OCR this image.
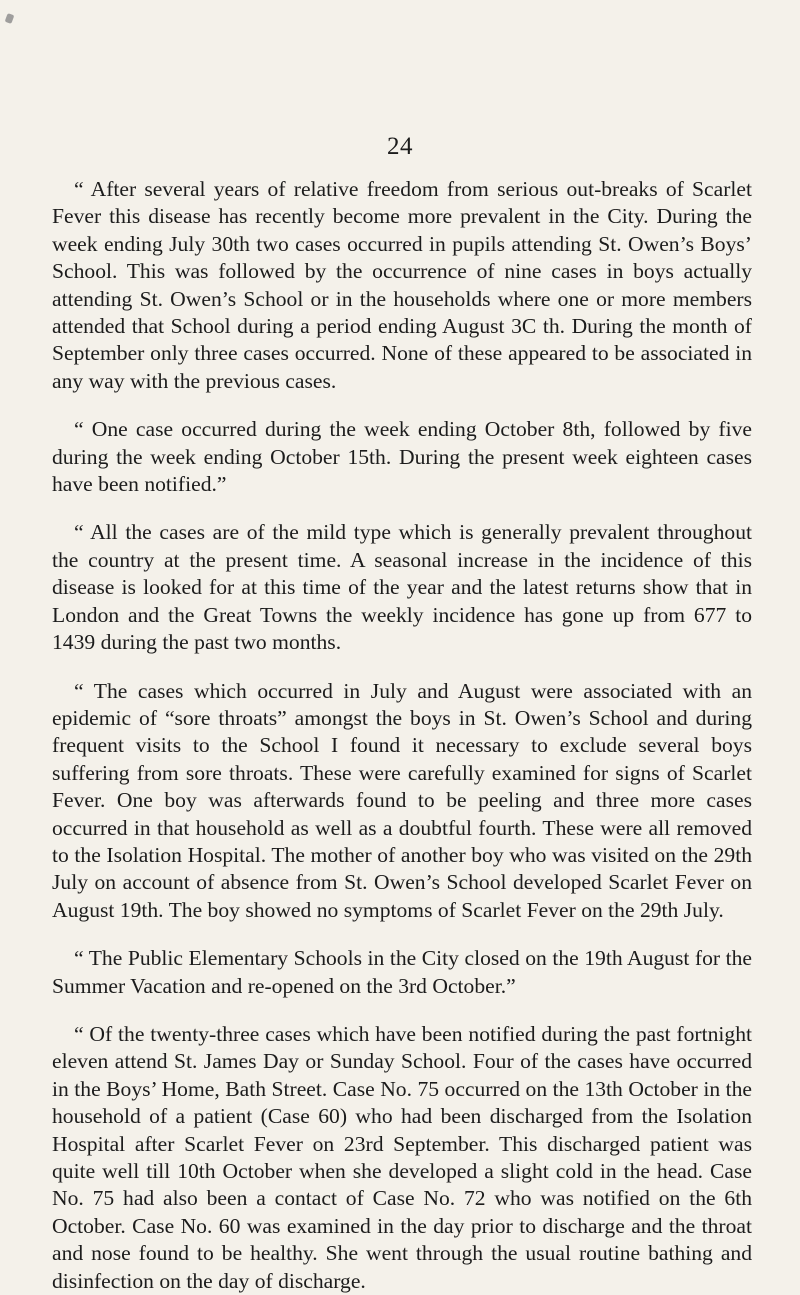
24

“ After several years of relative freedom from serious out-breaks of Scarlet Fever this disease has recently become more prevalent in the City. During the week ending July 30th two cases occurred in pupils attending St. Owen’s Boys’ School. This was followed by the occurrence of nine cases in boys actually attending St. Owen’s School or in the households where one or more members attended that School during a period ending August 3C th. During the month of September only three cases occurred. None of these appeared to be associated in any way with the previous cases.

“ One case occurred during the week ending October 8th, followed by five during the week ending October 15th. During the present week eighteen cases have been notified.”

“ All the cases are of the mild type which is generally prevalent throughout the country at the present time. A seasonal increase in the incidence of this disease is looked for at this time of the year and the latest returns show that in London and the Great Towns the weekly incidence has gone up from 677 to 1439 during the past two months.

“ The cases which occurred in July and August were associated with an epidemic of “sore throats” amongst the boys in St. Owen’s School and during frequent visits to the School I found it necessary to exclude several boys suffering from sore throats. These were carefully examined for signs of Scarlet Fever. One boy was afterwards found to be peeling and three more cases occurred in that household as well as a doubtful fourth. These were all removed to the Isolation Hospital. The mother of another boy who was visited on the 29th July on account of absence from St. Owen’s School developed Scarlet Fever on August 19th. The boy showed no symptoms of Scarlet Fever on the 29th July.

“ The Public Elementary Schools in the City closed on the 19th August for the Summer Vacation and re-opened on the 3rd October.”

“ Of the twenty-three cases which have been notified during the past fortnight eleven attend St. James Day or Sunday School. Four of the cases have occurred in the Boys’ Home, Bath Street. Case No. 75 occurred on the 13th October in the household of a patient (Case 60) who had been discharged from the Isolation Hospital after Scarlet Fever on 23rd September. This discharged patient was quite well till 10th October when she developed a slight cold in the head. Case No. 75 had also been a contact of Case No. 72 who was notified on the 6th October. Case No. 60 was examined in the day prior to discharge and the throat and nose found to be healthy. She went through the usual routine bathing and disinfection on the day of discharge.
